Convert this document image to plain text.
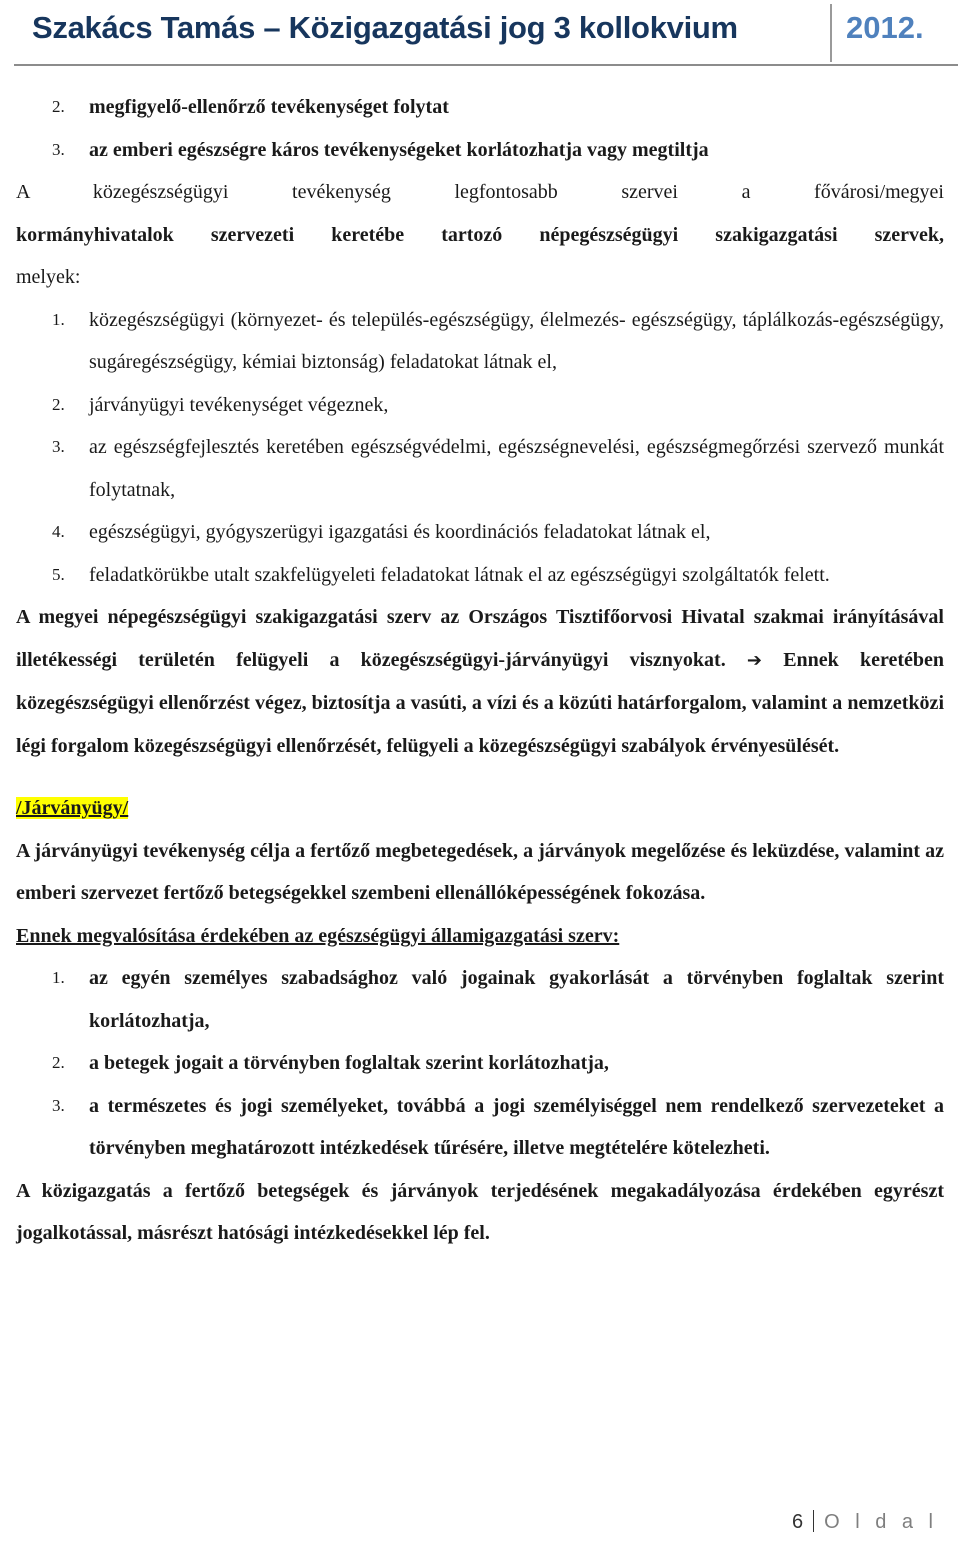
Szakács Tamás – Közigazgatási jog 3 kollokvium	2012.
2.	megfigyelő-ellenőrző tevékenységet folytat
3.	az emberi egészségre káros tevékenységeket korlátozhatja vagy megtiltja
A közegészségügyi tevékenység legfontosabb szervei a fővárosi/megyei
kormányhivatalok szervezeti keretébe tartozó népegészségügyi szakigazgatási szervek,
melyek:
1.	közegészségügyi (környezet- és település-egészségügy, élelmezés- egészségügy, táplálkozás-egészségügy, sugáregészségügy, kémiai biztonság) feladatokat látnak el,
2.	járványügyi tevékenységet végeznek,
3.	az egészségfejlesztés keretében egészségvédelmi, egészségnevelési, egészségmegőrzési szervező munkát folytatnak,
4.	egészségügyi, gyógyszerügyi igazgatási és koordinációs feladatokat látnak el,
5.	feladatkörükbe utalt szakfelügyeleti feladatokat látnak el az egészségügyi szolgáltatók felett.
A megyei népegészségügyi szakigazgatási szerv az Országos Tisztifőorvosi Hivatal szakmai irányításával illetékességi területén felügyeli a közegészségügyi-járványügyi visznyokat. ➔ Ennek keretében közegészségügyi ellenőrzést végez, biztosítja a vasúti, a vízi és a közúti határforgalom, valamint a nemzetközi légi forgalom közegészségügyi ellenőrzését, felügyeli a közegészségügyi szabályok érvényesülését.
/Járványügy/
A járványügyi tevékenység célja a fertőző megbetegedések, a járványok megelőzése és leküzdése, valamint az emberi szervezet fertőző betegségekkel szembeni ellenállóképességének fokozása.
Ennek megvalósítása érdekében az egészségügyi államigazgatási szerv:
1.	az egyén személyes szabadsághoz való jogainak gyakorlását a törvényben foglaltak szerint korlátozhatja,
2.	a betegek jogait a törvényben foglaltak szerint korlátozhatja,
3.	a természetes és jogi személyeket, továbbá a jogi személyiséggel nem rendelkező szervezeteket a törvényben meghatározott intézkedések tűrésére, illetve megtételére kötelezheti.
A közigazgatás a fertőző betegségek és járványok terjedésének megakadályozása érdekében egyrészt jogalkotással, másrészt hatósági intézkedésekkel lép fel.
6 O l d a l
